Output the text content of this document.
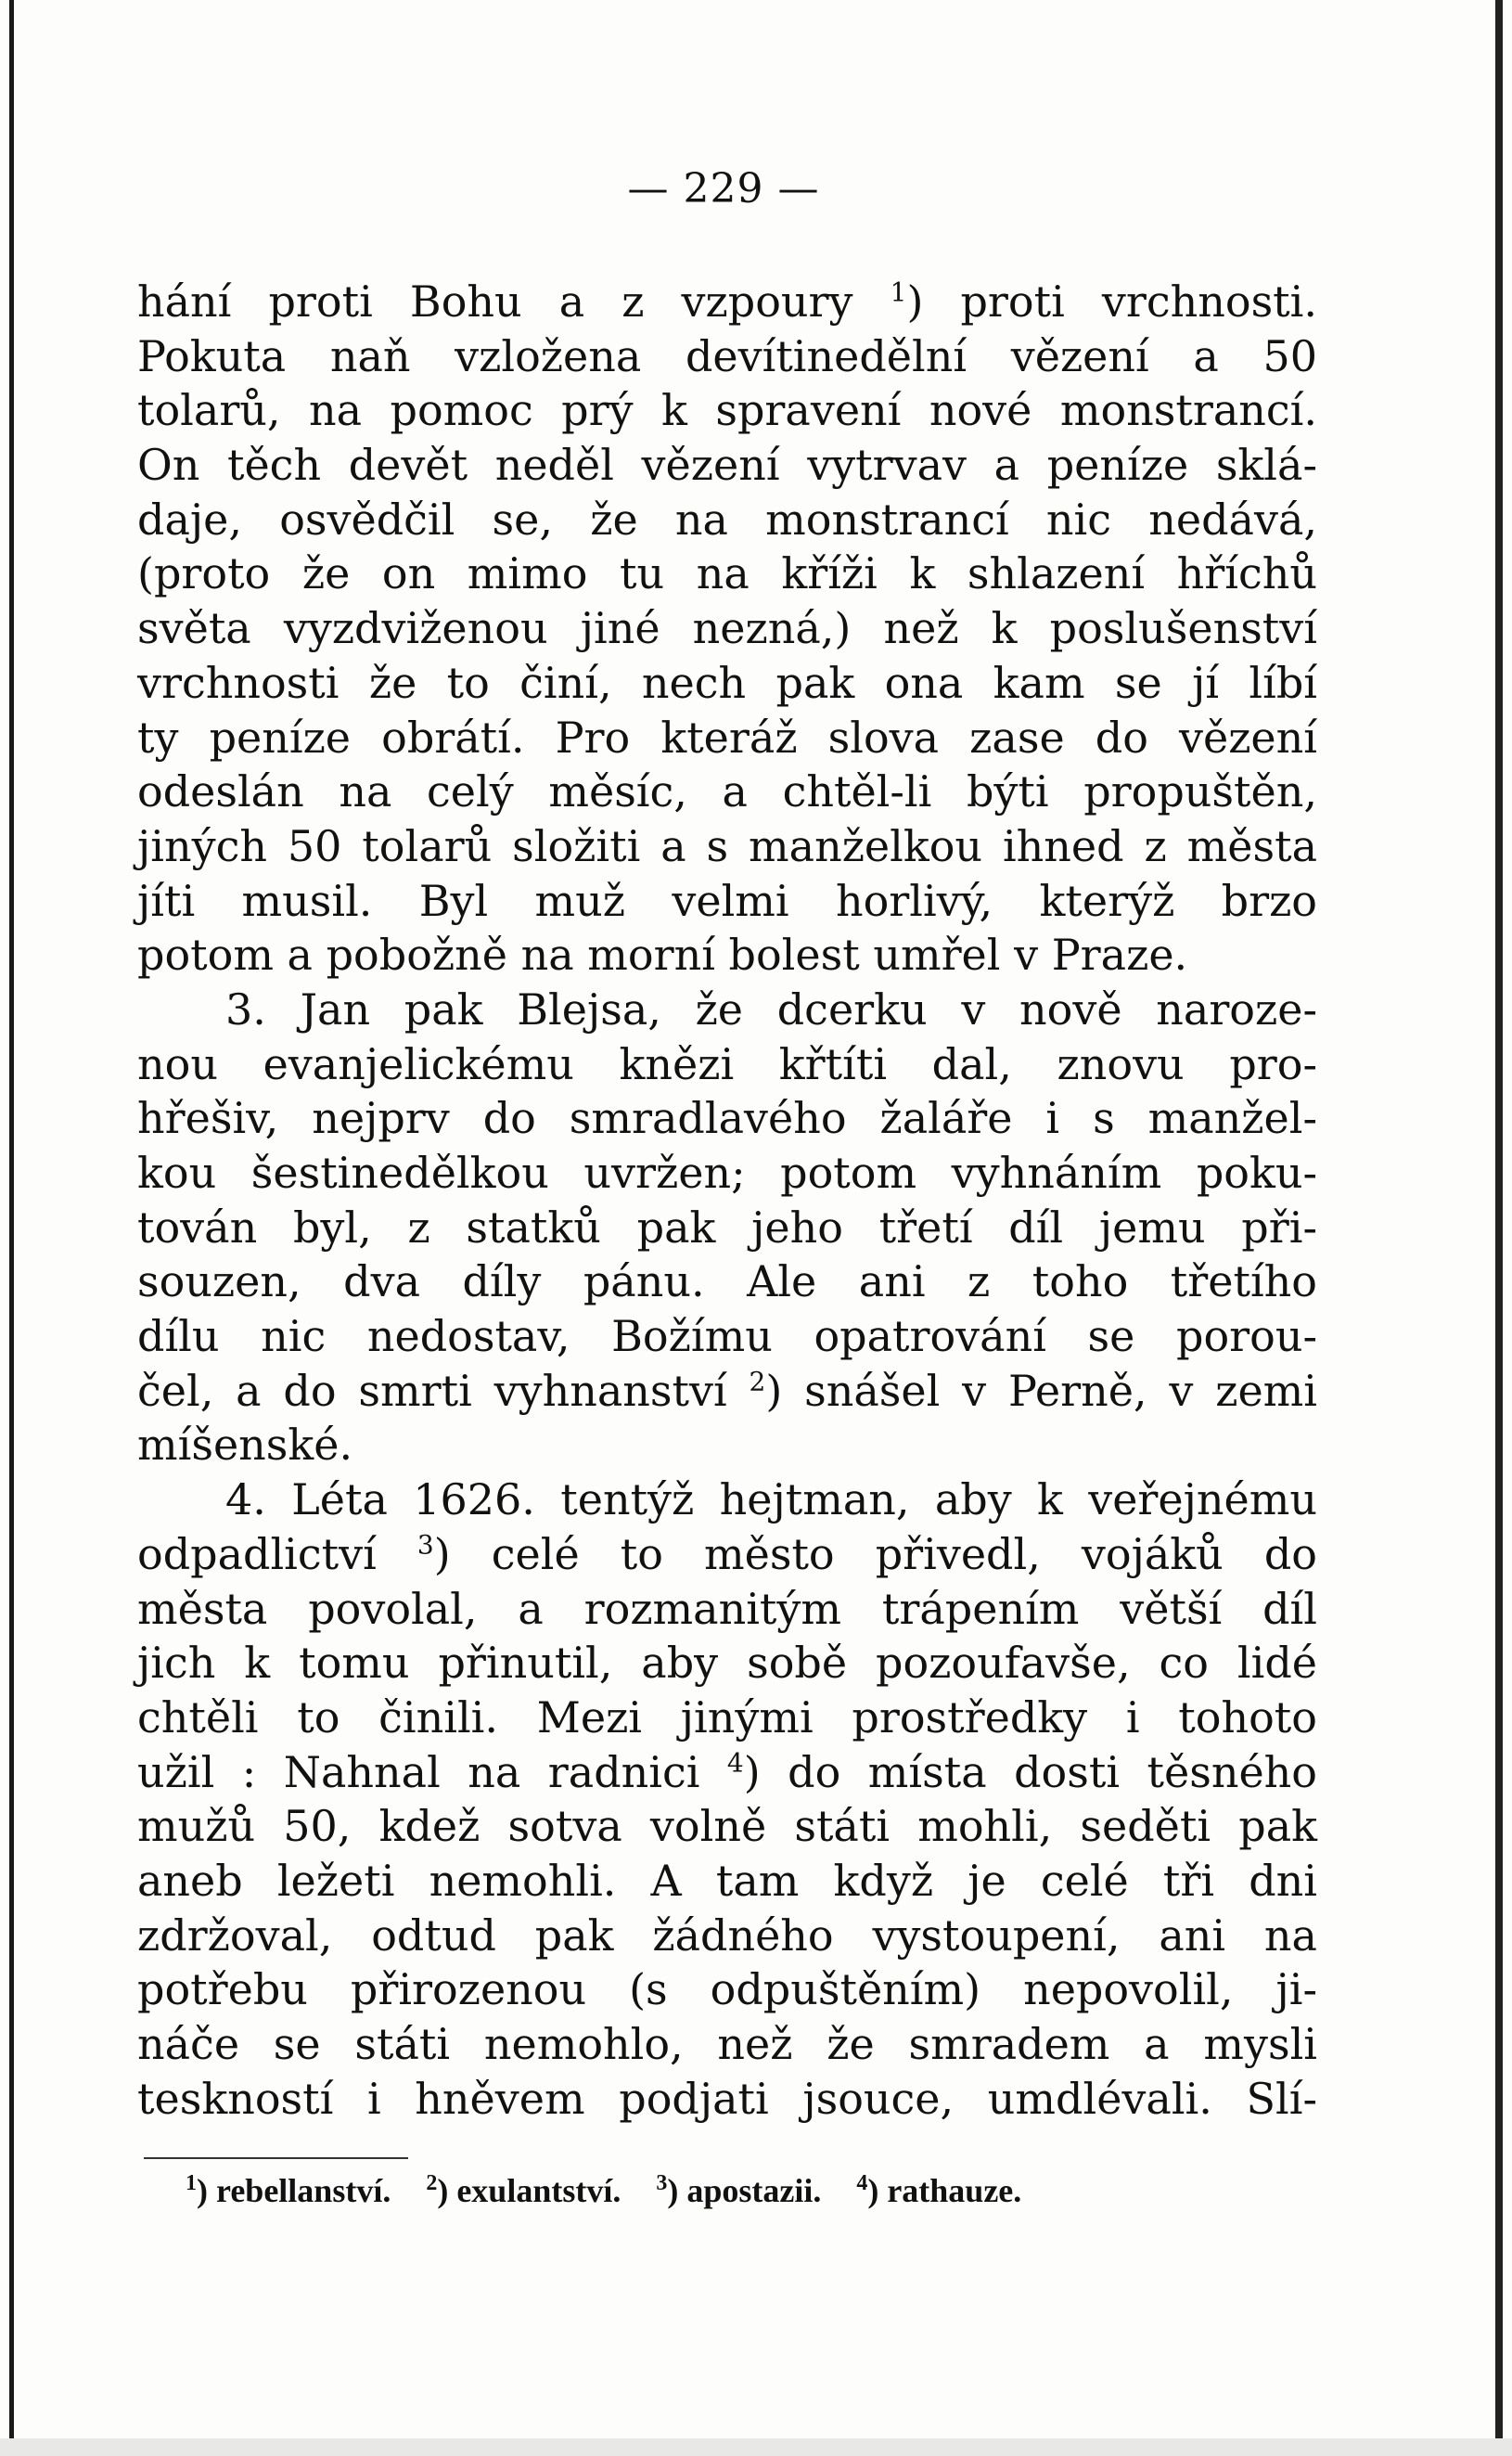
— 229 —
hání proti Bohu a z vzpoury $^1$) proti vrchnosti.
Pokuta naň vzložena devítinedělní vězení a 50
tolarů, na pomoc prý k spravení nové monstrancí.
On těch devět neděl vězení vytrvav a peníze sklá-
daje, osvědčil se, že na monstrancí nic nedává,
(proto že on mimo tu na kříži k shlazení hříchů
světa vyzdviženou jiné nezná,) než k poslušenství
vrchnosti že to činí, nech pak ona kam se jí líbí
ty peníze obrátí. Pro kteráž slova zase do vězení
odeslán na celý měsíc, a chtěl-li býti propuštěn,
jiných 50 tolarů složiti a s manželkou ihned z města
jíti musil. Byl muž velmi horlivý, kterýž brzo
potom a pobožně na morní bolest umřel v Praze.
3. Jan pak Blejsa, že dcerku v nově naroze-
nou evanjelickému knězi křtíti dal, znovu pro-
hřešiv, nejprv do smradlavého žaláře i s manžel-
kou šestinedělkou uvržen; potom vyhnáním poku-
tován byl, z statků pak jeho třetí díl jemu při-
souzen, dva díly pánu. Ale ani z toho třetího
dílu nic nedostav, Božímu opatrování se porou-
čel, a do smrti vyhnanství $^2$) snášel v Perně, v zemi
míšenské.
4. Léta 1626. tentýž hejtman, aby k veřejnému
odpadlictví $^3$) celé to město přivedl, vojáků do
města povolal, a rozmanitým trápením větší díl
jich k tomu přinutil, aby sobě pozoufavše, co lidé
chtěli to činili. Mezi jinými prostředky i tohoto
užil : Nahnal na radnici $^4$) do místa dosti těsného
mužů 50, kdež sotva volně státi mohli, seděti pak
aneb ležeti nemohli. A tam když je celé tři dni
zdržoval, odtud pak žádného vystoupení, ani na
potřebu přirozenou (s odpuštěním) nepovolil, ji-
náče se státi nemohlo, než že smradem a mysli
teskností i hněvem podjati jsouce, umdlévali. Slí-
$^1$) rebellanství. $^2$) exulantství. $^3$) apostazii. $^4$) rathauze.
